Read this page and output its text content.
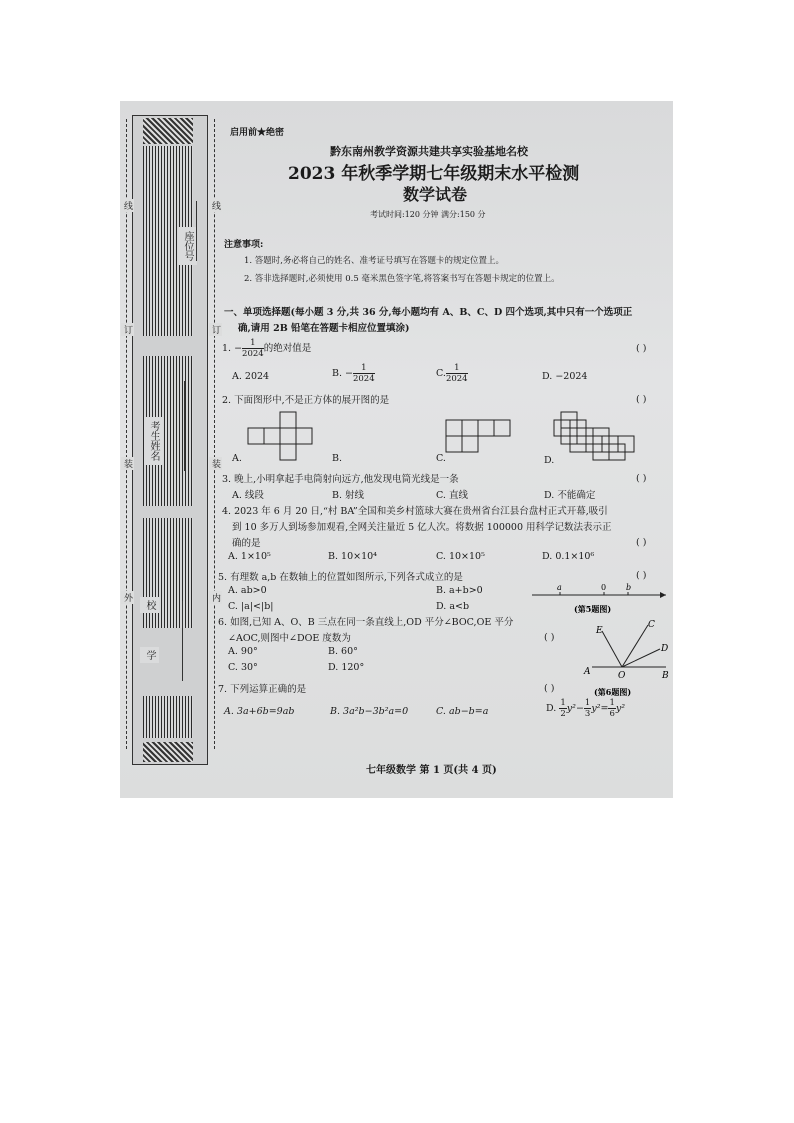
座位号
考生姓名
学
校
线
订
装
外
线
订
装
内
启用前★绝密
黔东南州教学资源共建共享实验基地名校
2023 年秋季学期七年级期末水平检测
数学试卷
考试时间:120 分钟 满分:150 分
注意事项:
1. 答题时,务必将自己的姓名、准考证号填写在答题卡的规定位置上。
2. 答非选择题时,必须使用 0.5 毫米黑色签字笔,将答案书写在答题卡规定的位置上。
一、单项选择题(每小题 3 分,共 36 分,每小题均有 A、B、C、D 四个选项,其中只有一个选项正
确,请用 2B 铅笔在答题卡相应位置填涂)
1. − $\frac{1}{2024}$ 的绝对值是	( )
A. 2024	B. − $\frac{1}{2024}$	C. $\frac{1}{2024}$	D. −2024
2. 下面图形中,不是正方体的展开图的是	( )
A.	B.	C.	D.
3. 晚上,小明拿起手电筒射向远方,他发现电筒光线是一条	( )
A. 线段	B. 射线	C. 直线	D. 不能确定
4. 2023 年 6 月 20 日,“村 BA”全国和美乡村篮球大赛在贵州省台江县台盘村正式开幕,吸引
到 10 多万人到场参加观看,全网关注量近 5 亿人次。将数据 100000 用科学记数法表示正
确的是	( )
A. 1×10⁵	B. 10×10⁴	C. 10×10⁵	D. 0.1×10⁶
5. 有理数 a,b 在数轴上的位置如图所示,下列各式成立的是	( )
A. ab>0	B. a+b>0
C. |a|<|b|	D. a<b
a	0 b
(第5题图)
6. 如图,已知 A、O、B 三点在同一条直线上,OD 平分∠BOC,OE 平分
∠AOC,则图中∠DOE 度数为	( )
A. 90°	B. 60°
C. 30°	D. 120°	A	O	B
C
D
E
(第6题图)
7. 下列运算正确的是	( )
A. 3a+6b=9ab	B. 3a²b−3b²a=0	C. ab−b=a	D. $\frac{1}{2} y^2- \frac{1}{3} y^2= \frac{1}{6} y^2$
七年级数学 第 1 页(共 4 页)
